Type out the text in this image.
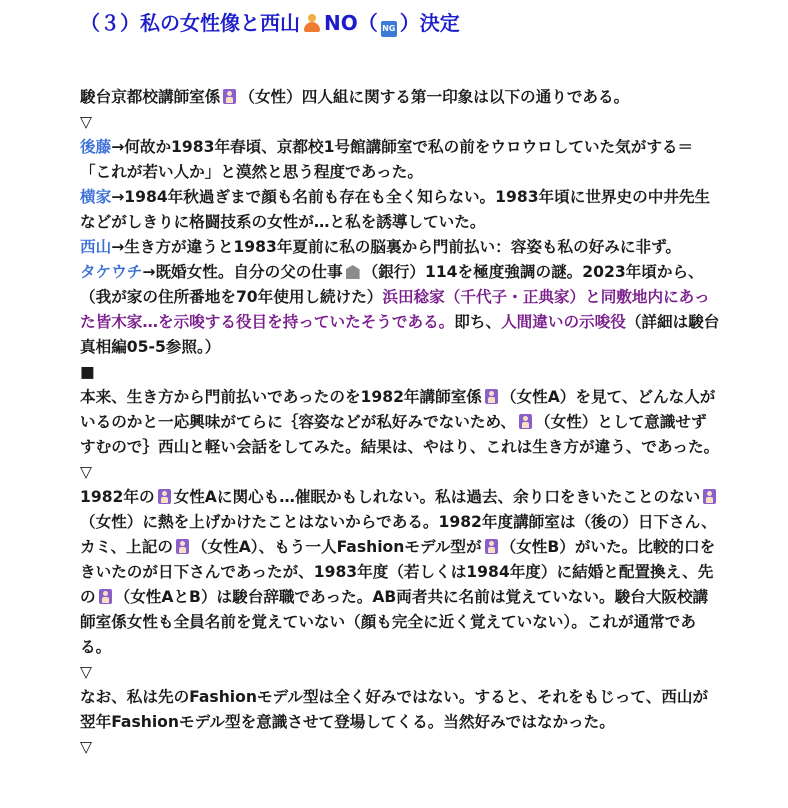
（３）私の女性像と西山 NO（ NG ）決定

駿台京都校講師室係 （女性）四人組に関する第一印象は以下の通りである。

▽

後藤→何故か1983年春頃、京都校1号館講師室で私の前をウロウロしていた気がする＝「これが若い人か」と漠然と思う程度であった。

横家→1984年秋過ぎまで顔も名前も存在も全く知らない。1983年頃に世界史の中井先生などがしきりに格闘技系の女性が…と私を誘導していた。

西山→生き方が違うと1983年夏前に私の脳裏から門前払い：容姿も私の好みに非ず。

タケウチ→既婚女性。自分の父の仕事 （銀行）114を極度強調の謎。2023年頃から、（我が家の住所番地を70年使用し続けた）浜田稔家（千代子・正典家）と同敷地内にあった皆木家…を示唆する役目を持っていたそうである。即ち、人間違いの示唆役（詳細は駿台真相編05-5参照。）

■

本来、生き方から門前払いであったのを1982年講師室係 （女性A）を見て、どんな人がいるのかと一応興味がてらに｛容姿などが私好みでないため、 （女性）として意識せずすむので｝西山と軽い会話をしてみた。結果は、やはり、これは生き方が違う、であった。

▽

1982年の 女性Aに関心も…催眠かもしれない。私は過去、余り口をきいたことのない（女性）に熱を上げかけたことはないからである。1982年度講師室は（後の）日下さん、カミ、上記の （女性A）、もう一人Fashionモデル型が （女性B）がいた。比較的口をきいたのが日下さんであったが、1983年度（若しくは1984年度）に結婚と配置換え、先の （女性AとB）は駿台辞職であった。AB両者共に名前は覚えていない。駿台大阪校講師室係女性も全員名前を覚えていない（顔も完全に近く覚えていない）。これが通常である。

▽

なお、私は先のFashionモデル型は全く好みではない。すると、それをもじって、西山が翌年Fashionモデル型を意識させて登場してくる。当然好みではなかった。

▽
